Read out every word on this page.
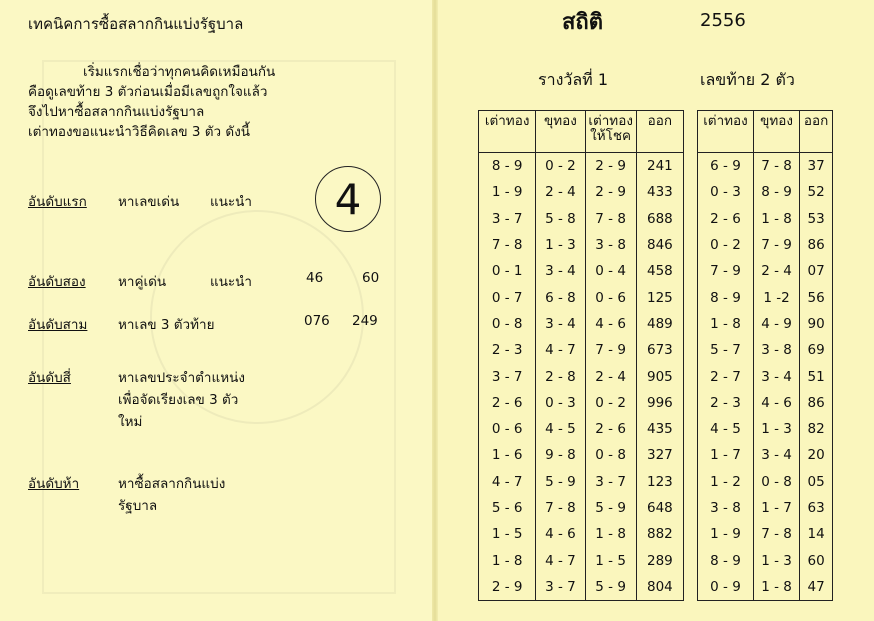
เทคนิคการซื้อสลากกินแบ่งรัฐบาล
เริ่มแรกเชื่อว่าทุกคนคิดเหมือนกัน
คือดูเลขท้าย 3 ตัวก่อนเมื่อมีเลขถูกใจแล้ว
จึงไปหาซื้อสลากกินแบ่งรัฐบาล
เต่าทองขอแนะนำวิธีคิดเลข 3 ตัว ดังนี้
4
อันดับแรก หาเลขเด่น แนะนำ
อันดับสอง หาคู่เด่น	แนะนำ	46	60
อันดับสาม หาเลข 3 ตัวท้าย	076 249
อันดับสี่	หาเลขประจำตำแหน่ง
เพื่อจัดเรียงเลข 3 ตัว
ใหม่
อันดับห้า	หาซื้อสลากกินแบ่ง
รัฐบาล
สถิติ	2556
รางวัลที่ 1	เลขท้าย 2 ตัว
เต่าทอง	ขุทอง	เต่าทองให้โชค	ออก
8 - 9	0 - 2	2 - 9	241
1 - 9	2 - 4	2 - 9	433
3 - 7	5 - 8	7 - 8	688
7 - 8	1 - 3	3 - 8	846
0 - 1	3 - 4	0 - 4	458
0 - 7	6 - 8	0 - 6	125
0 - 8	3 - 4	4 - 6	489
2 - 3	4 - 7	7 - 9	673
3 - 7	2 - 8	2 - 4	905
2 - 6	0 - 3	0 - 2	996
0 - 6	4 - 5	2 - 6	435
1 - 6	9 - 8	0 - 8	327
4 - 7	5 - 9	3 - 7	123
5 - 6	7 - 8	5 - 9	648
1 - 5	4 - 6	1 - 8	882
1 - 8	4 - 7	1 - 5	289
2 - 9	3 - 7	5 - 9	804
เต่าทอง	ขุทอง	ออก
6 - 9	7 - 8	37
0 - 3	8 - 9	52
2 - 6	1 - 8	53
0 - 2	7 - 9	86
7 - 9	2 - 4	07
8 - 9	1 -2	56
1 - 8	4 - 9	90
5 - 7	3 - 8	69
2 - 7	3 - 4	51
2 - 3	4 - 6	86
4 - 5	1 - 3	82
1 - 7	3 - 4	20
1 - 2	0 - 8	05
3 - 8	1 - 7	63
1 - 9	7 - 8	14
8 - 9	1 - 3	60
0 - 9	1 - 8	47
